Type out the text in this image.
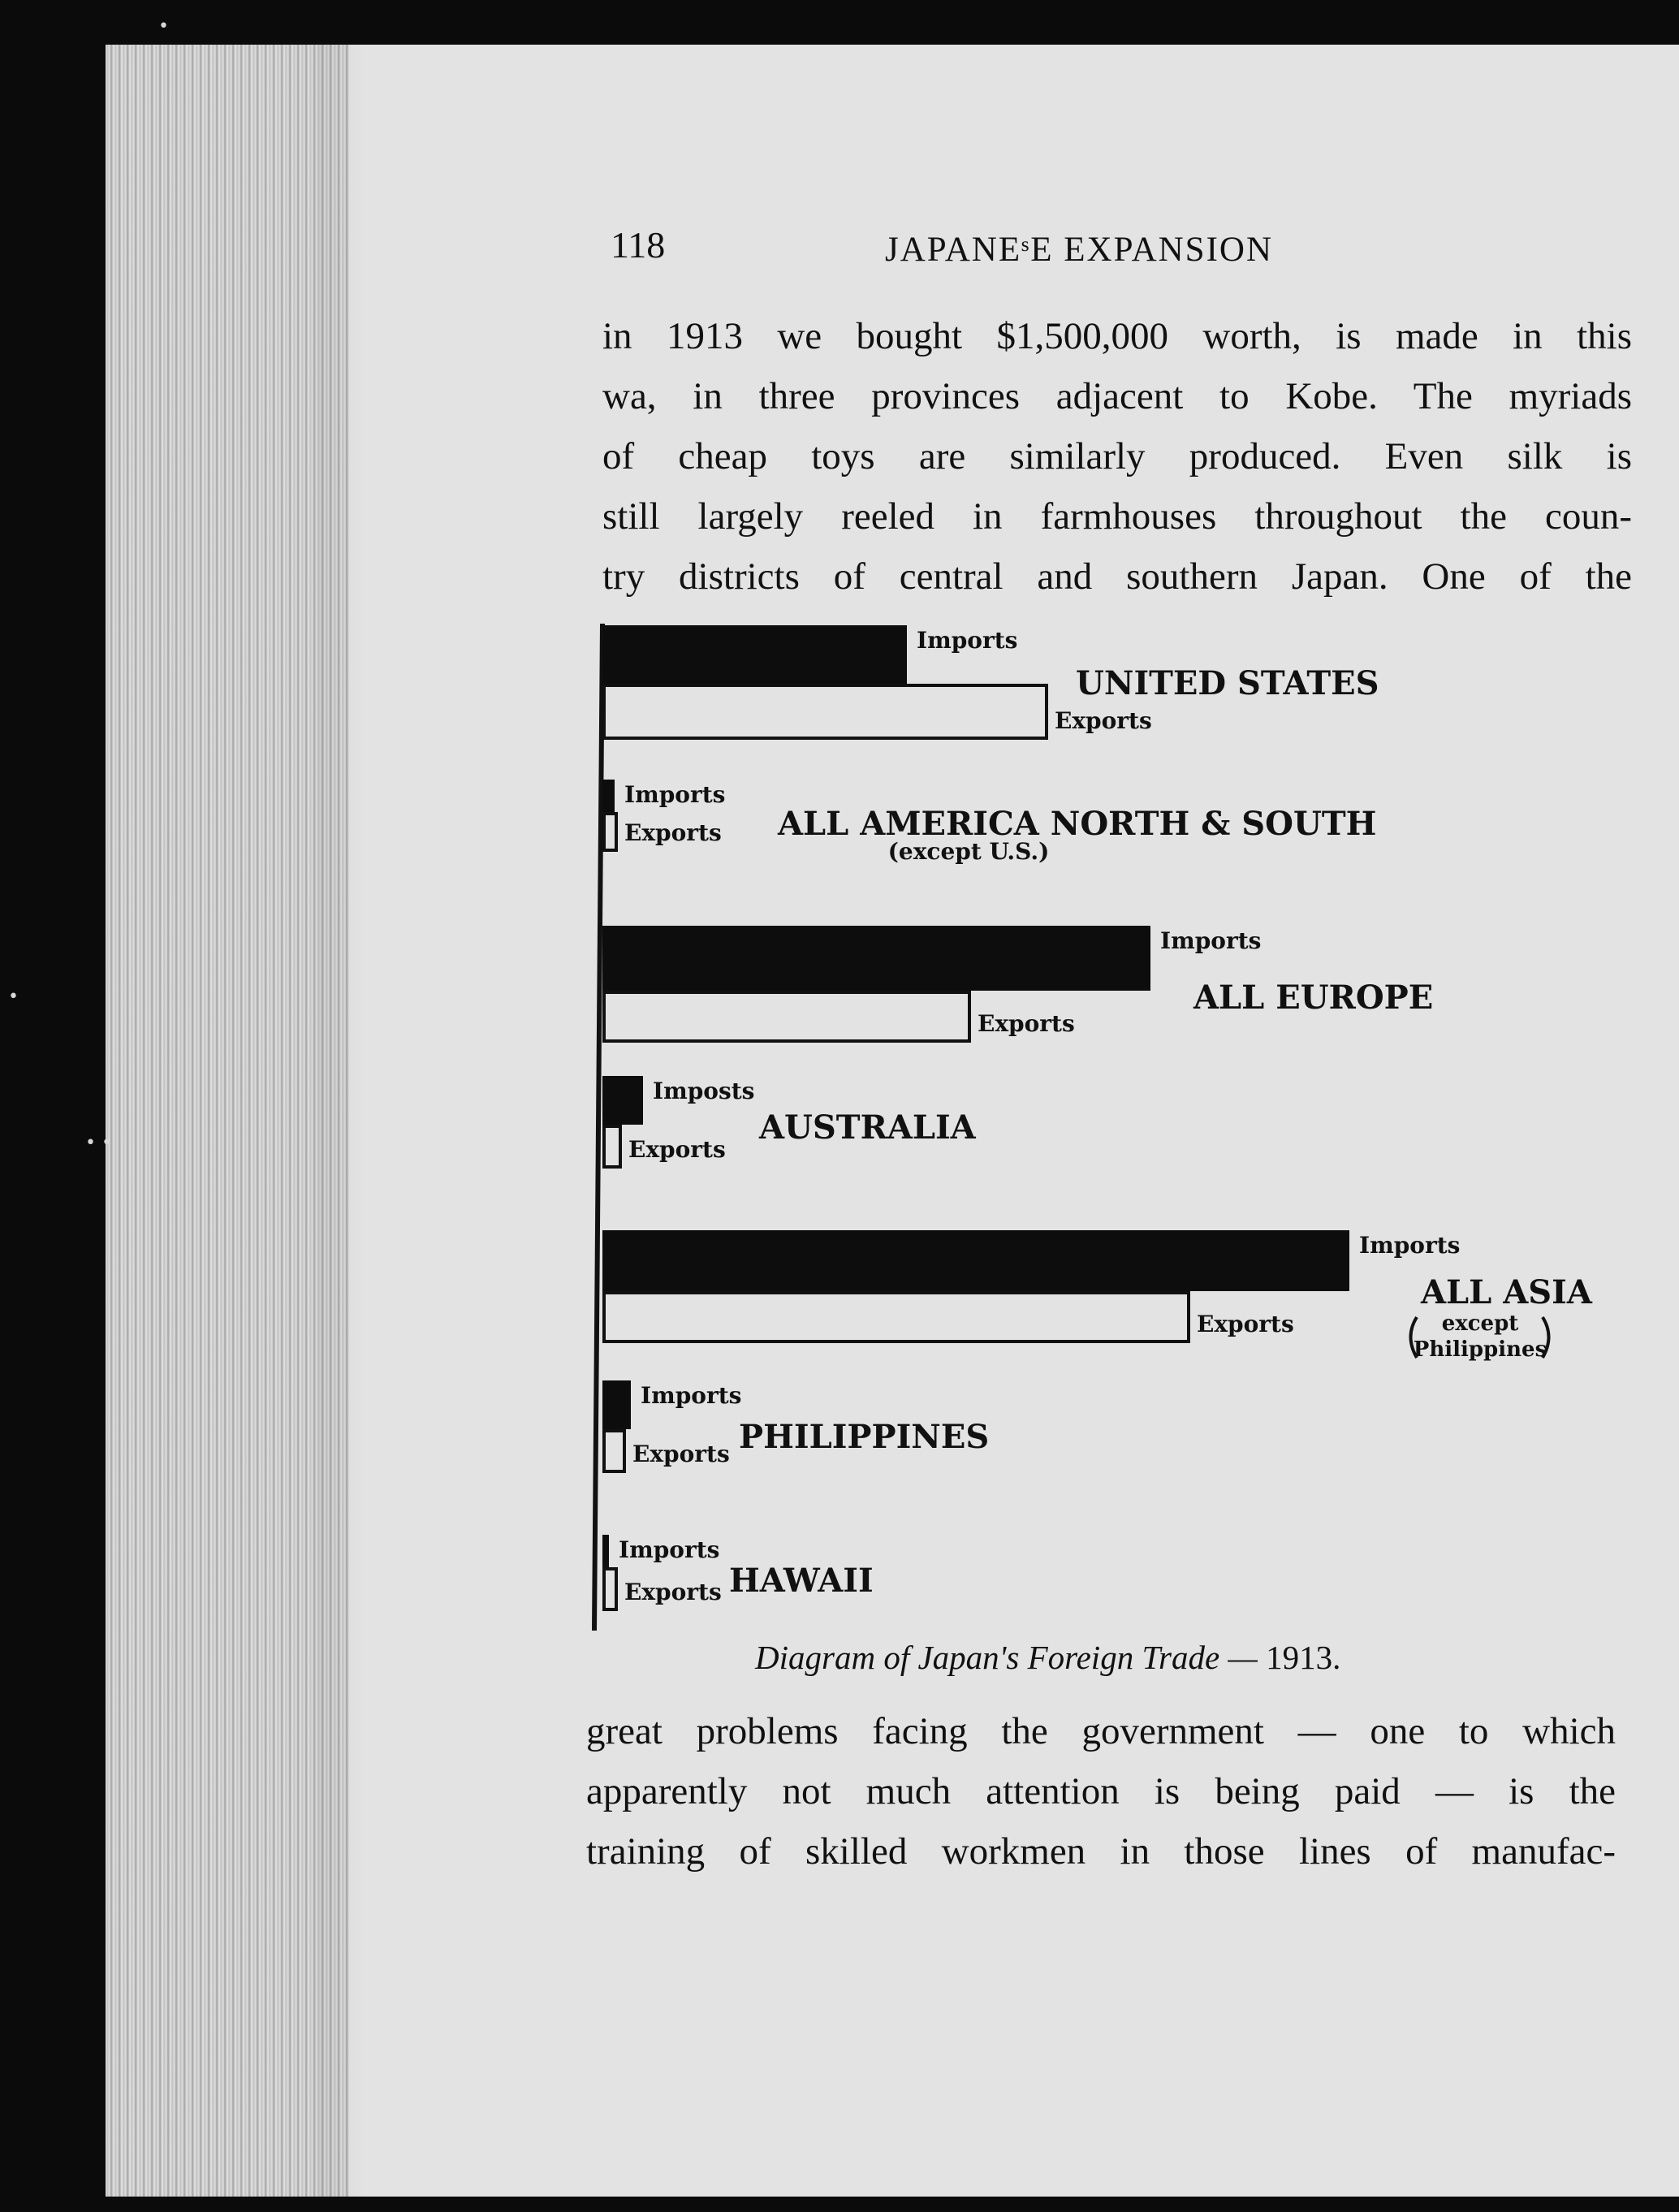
•
•
• •
118	JAPANEˢE EXPANSION
in 1913 we bought $1,500,000 worth, is made in this
wa, in three provinces adjacent to Kobe. The myriads
of cheap toys are similarly produced. Even silk is
still largely reeled in farmhouses throughout the coun-
try districts of central and southern Japan. One of the
Imports
Exports
UNITED STATES
Imports
Exports ALL AMERICA NORTH & SOUTH
(except U.S.)
Imports
Exports
ALL EUROPE
Imposts
Exports
AUSTRALIA
Imports
Exports
ALL ASIA
except
Philippines
Imports
Exports PHILIPPINES
Imports
Exports HAWAII
Diagram of Japan's Foreign Trade — 1913.
great problems facing the government — one to which
apparently not much attention is being paid — is the
training of skilled workmen in those lines of manufac-
